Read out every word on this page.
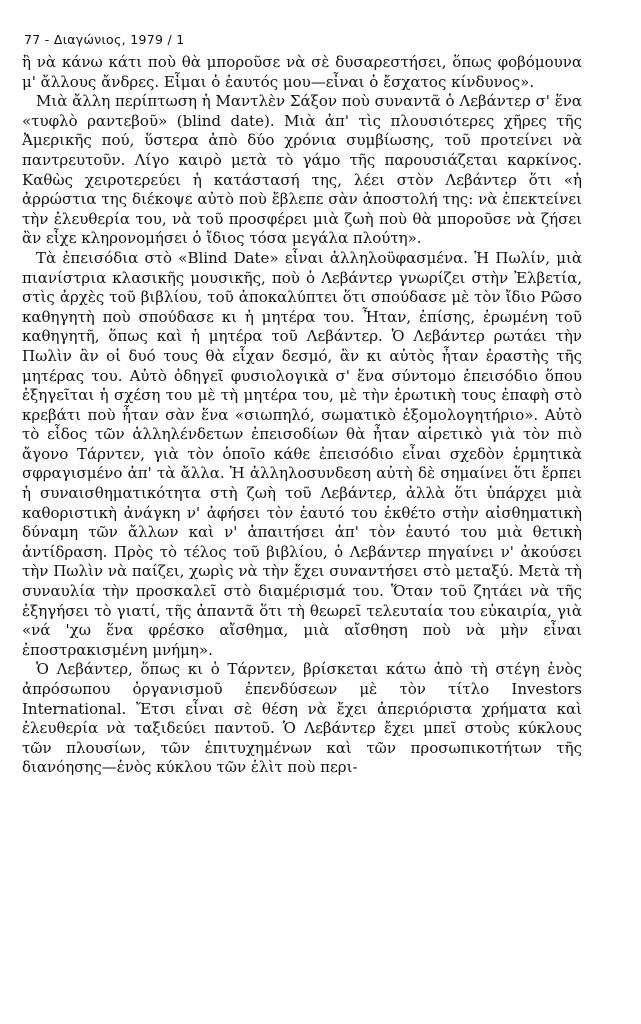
77 - Διαγώνιος, 1979 / 1

ἢ νὰ κάνω κάτι ποὺ θὰ μποροῦσε νὰ σὲ δυσαρεστήσει, ὅπως φοβόμουνα μ' ἄλλους ἄνδρες. Εἶμαι ὁ ἑαυτός μου—εἶναι ὁ ἔσχατος κίνδυνος».

Μιὰ ἄλλη περίπτωση ἡ Μαντλὲν Σάξον ποὺ συναντᾶ ὁ Λεβάντερ σ' ἕνα «τυφλὸ ραντεβοῦ» (blind date). Μιὰ ἀπ' τὶς πλουσιότερες χῆρες τῆς Ἀμερικῆς πού, ὕστερα ἀπὸ δύο χρόνια συμβίωσης, τοῦ προτείνει νὰ παντρευτοῦν. Λίγο καιρὸ μετὰ τὸ γάμο τῆς παρουσιάζεται καρκίνος. Καθὼς χειροτερεύει ἡ κατάστασή της, λέει στὸν Λεβάντερ ὅτι «ἡ ἀρρώστια της διέκοψε αὐτὸ ποὺ ἔβλεπε σὰν ἀποστολή της: νὰ ἐπεκτείνει τὴν ἐλευθερία του, νὰ τοῦ προσφέρει μιὰ ζωὴ ποὺ θὰ μποροῦσε νὰ ζήσει ἂν εἶχε κληρονομήσει ὁ ἴδιος τόσα μεγάλα πλούτη».

Τὰ ἐπεισόδια στὸ «Blind Date» εἶναι ἀλληλοϋφασμένα. Ἡ Πωλίν, μιὰ πιανίστρια κλασικῆς μουσικῆς, ποὺ ὁ Λεβάντερ γνωρίζει στὴν Ἐλβετία, στὶς ἀρχὲς τοῦ βιβλίου, τοῦ ἀποκαλύπτει ὅτι σπούδασε μὲ τὸν ἴδιο Ρῶσο καθηγητὴ ποὺ σπούδασε κι ἡ μητέρα του. Ἦταν, ἐπίσης, ἐρωμένη τοῦ καθηγητῆ, ὅπως καὶ ἡ μητέρα τοῦ Λεβάντερ. Ὁ Λεβάντερ ρωτάει τὴν Πωλὶν ἂν οἱ δυό τους θὰ εἶχαν δεσμό, ἂν κι αὐτὸς ἦταν ἐραστὴς τῆς μητέρας του. Αὐτὸ ὁδηγεῖ φυσιολογικὰ σ' ἕνα σύντομο ἐπεισόδιο ὅπου ἐξηγεῖται ἡ σχέση του μὲ τὴ μητέρα του, μὲ τὴν ἐρωτικὴ τους ἐπαφὴ στὸ κρεβάτι ποὺ ἦταν σὰν ἕνα «σιωπηλό, σωματικὸ ἐξομολογητήριο». Αὐτὸ τὸ εἶδος τῶν ἀλληλένδετων ἐπεισοδίων θὰ ἦταν αἱρετικὸ γιὰ τὸν πιὸ ἄγονο Τάρντεν, γιὰ τὸν ὁποῖο κάθε ἐπεισόδιο εἶναι σχεδὸν ἑρμητικὰ σφραγισμένο ἀπ' τὰ ἄλλα. Ἡ ἀλληλοσυνδεση αὐτὴ δὲ σημαίνει ὅτι ἔρπει ἡ συναισθηματικότητα στὴ ζωὴ τοῦ Λεβάντερ, ἀλλὰ ὅτι ὑπάρχει μιὰ καθοριστικὴ ἀνάγκη ν' ἀφήσει τὸν ἑαυτό του ἐκθέτο στὴν αἰσθηματικὴ δύναμη τῶν ἄλλων καὶ ν' ἀπαιτήσει ἀπ' τὸν ἑαυτό του μιὰ θετικὴ ἀντίδραση. Πρὸς τὸ τέλος τοῦ βιβλίου, ὁ Λεβάντερ πηγαίνει ν' ἀκούσει τὴν Πωλὶν νὰ παίζει, χωρὶς νὰ τὴν ἔχει συναντήσει στὸ μεταξύ. Μετὰ τὴ συναυλία τὴν προσκαλεῖ στὸ διαμέρισμά του. Ὅταν τοῦ ζητάει νὰ τῆς ἐξηγήσει τὸ γιατί, τῆς ἀπαντᾶ ὅτι τὴ θεωρεῖ τελευταία του εὐκαιρία, γιὰ «νά 'χω ἕνα φρέσκο αἴσθημα, μιὰ αἴσθηση ποὺ νὰ μὴν εἶναι ἐποστρακισμένη μνήμη».

Ὁ Λεβάντερ, ὅπως κι ὁ Τάρντεν, βρίσκεται κάτω ἀπὸ τὴ στέγη ἑνὸς ἀπρόσωπου ὀργανισμοῦ ἐπενδύσεων μὲ τὸν τίτλο Investors International. Ἔτσι εἶναι σὲ θέση νὰ ἔχει ἀπεριόριστα χρήματα καὶ ἐλευθερία νὰ ταξιδεύει παντοῦ. Ὁ Λεβάντερ ἔχει μπεῖ στοὺς κύκλους τῶν πλουσίων, τῶν ἐπιτυχημένων καὶ τῶν προσωπικοτήτων τῆς διανόησης—ἑνὸς κύκλου τῶν ἐλὶτ ποὺ περι-
